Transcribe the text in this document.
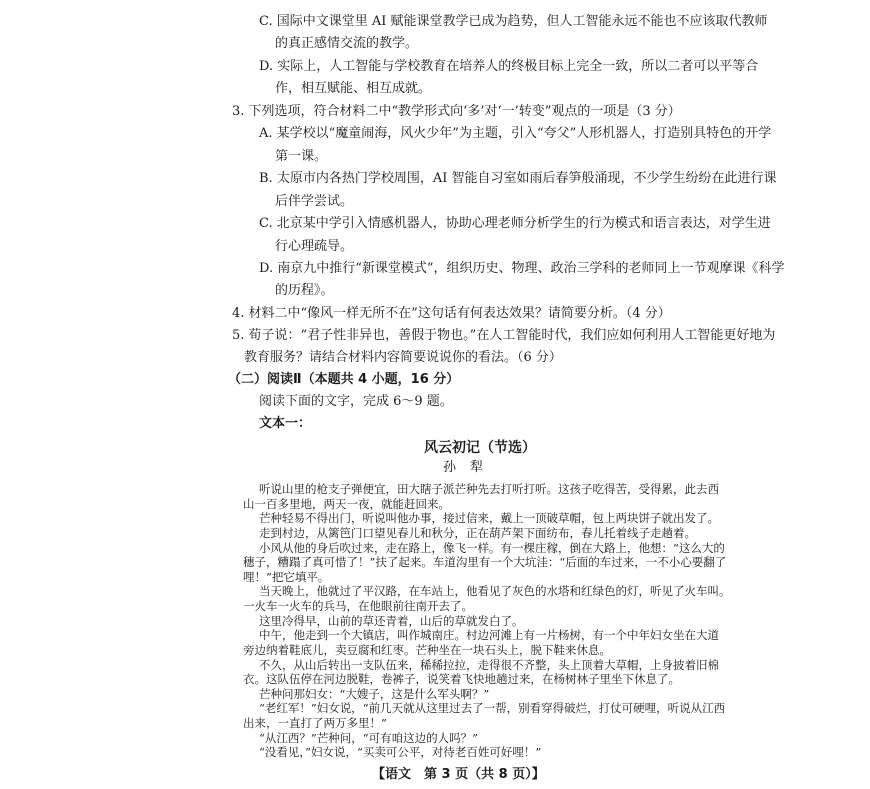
C. 国际中文课堂里 AI 赋能课堂教学已成为趋势，但人工智能永远不能也不应该取代教师
的真正感情交流的教学。
D. 实际上，人工智能与学校教育在培养人的终极目标上完全一致，所以二者可以平等合
作，相互赋能、相互成就。
3. 下列选项，符合材料二中“教学形式向‘多’对‘一’转变”观点的一项是（3 分）
A. 某学校以“魔童闹海，风火少年”为主题，引入“夸父”人形机器人，打造别具特色的开学
第一课。
B. 太原市内各热门学校周围，AI 智能自习室如雨后春笋般涌现，不少学生纷纷在此进行课
后伴学尝试。
C. 北京某中学引入情感机器人，协助心理老师分析学生的行为模式和语言表达，对学生进
行心理疏导。
D. 南京九中推行“新课堂模式”，组织历史、物理、政治三学科的老师同上一节观摩课《科学
的历程》。
4. 材料二中“像风一样无所不在”这句话有何表达效果？请简要分析。（4 分）
5. 荀子说：“君子性非异也，善假于物也。”在人工智能时代，我们应如何利用人工智能更好地为
教育服务？请结合材料内容简要说说你的看法。（6 分）
（二）阅读Ⅱ（本题共 4 小题，16 分）
阅读下面的文字，完成 6～9 题。
文本一：
风云初记（节选）
孙犁
【语文　第 3 页（共 8 页）】
听说山里的枪支子弹便宜，田大瞎子派芒种先去打听打听。这孩子吃得苦，受得累，此去西
山一百多里地，两天一夜，就能赶回来。
芒种轻易不得出门，听说叫他办事，接过信来，戴上一顶破草帽，包上两块饼子就出发了。
走到村边，从篱笆门口望见春儿和秋分，正在葫芦架下面纺布，春儿托着线子走趟着。
小风从他的身后吹过来，走在路上，像飞一样。有一棵庄稼，倒在大路上，他想：“这么大的
穗子，糟蹋了真可惜了！”扶了起来。车道沟里有一个大坑洼：“后面的车过来，一不小心要翻了
哩！”把它填平。
当天晚上，他就过了平汉路，在车站上，他看见了灰色的水塔和红绿色的灯，听见了火车叫。
一火车一火车的兵马，在他眼前往南开去了。
这里冷得早，山前的草还青着，山后的草就发白了。
中午，他走到一个大镇店，叫作城南庄。村边河滩上有一片杨树，有一个中年妇女坐在大道
旁边纳着鞋底儿，卖豆腐和红枣。芒种坐在一块石头上，脱下鞋来休息。
不久，从山后转出一支队伍来，稀稀拉拉，走得很不齐整，头上顶着大草帽，上身披着旧棉
衣。这队伍停在河边脱鞋，卷裤子，说笑着飞快地趟过来，在杨树林子里坐下休息了。
芒种问那妇女：“大嫂子，这是什么军头啊？”
“老红军！”妇女说，“前几天就从这里过去了一帮，别看穿得破烂，打仗可硬哩，听说从江西
出来，一直打了两万多里！”
“从江西？”芒种问，“可有咱这边的人吗？”
“没看见，”妇女说，“买卖可公平，对待老百姓可好哩！”
